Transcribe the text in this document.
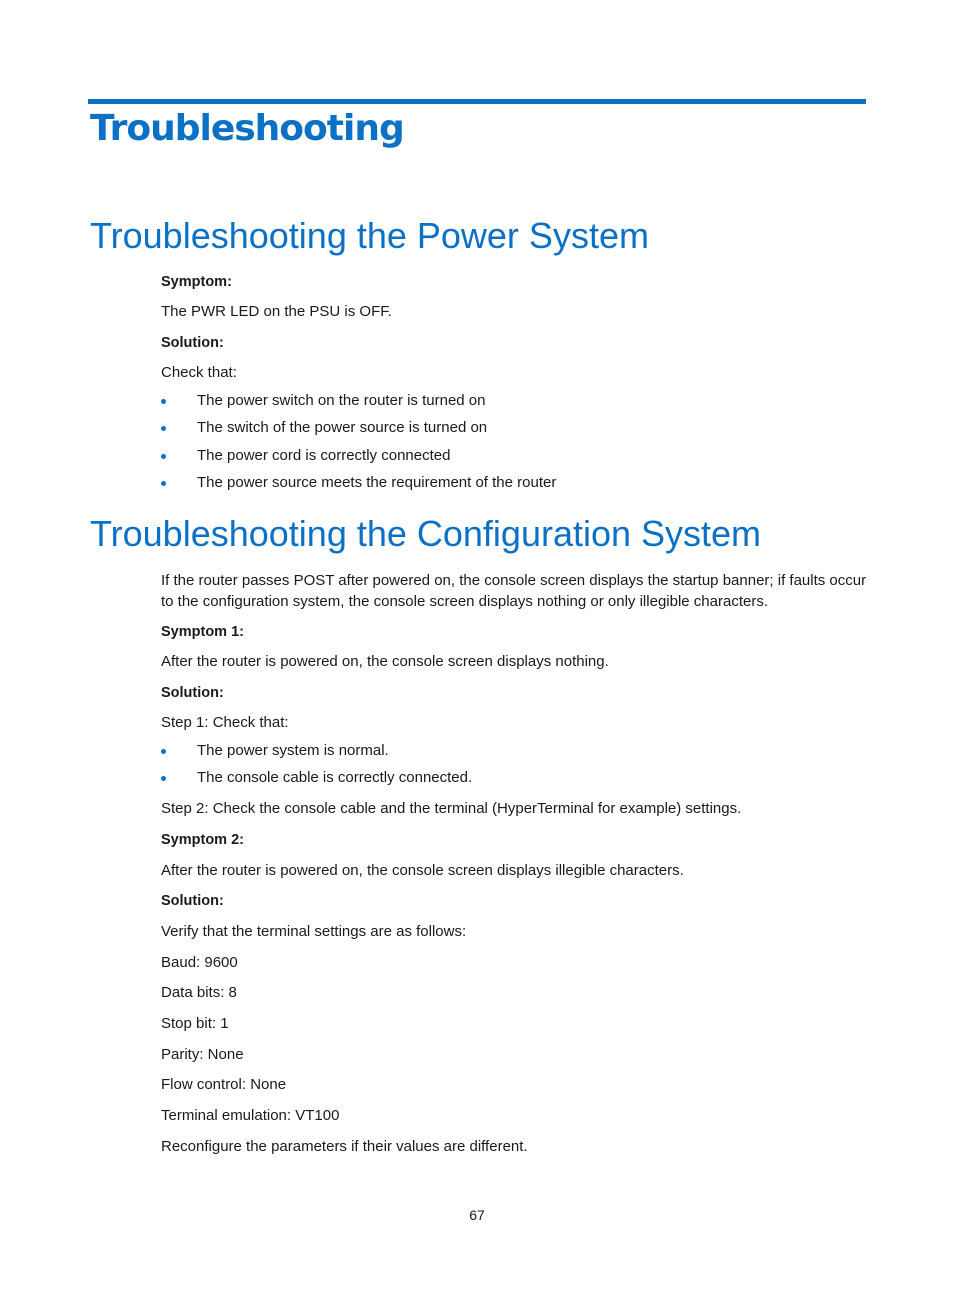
Troubleshooting
Troubleshooting the Power System

Symptom:

The PWR LED on the PSU is OFF.

Solution:

Check that:

The power switch on the router is turned on
The switch of the power source is turned on
The power cord is correctly connected
The power source meets the requirement of the router
Troubleshooting the Configuration System

If the router passes POST after powered on, the console screen displays the startup banner; if faults occur to the configuration system, the console screen displays nothing or only illegible characters.

Symptom 1:

After the router is powered on, the console screen displays nothing.

Solution:

Step 1: Check that:

The power system is normal.
The console cable is correctly connected.

Step 2: Check the console cable and the terminal (HyperTerminal for example) settings.

Symptom 2:

After the router is powered on, the console screen displays illegible characters.

Solution:

Verify that the terminal settings are as follows:

Baud: 9600

Data bits: 8

Stop bit: 1

Parity: None

Flow control: None

Terminal emulation: VT100

Reconfigure the parameters if their values are different.

67
